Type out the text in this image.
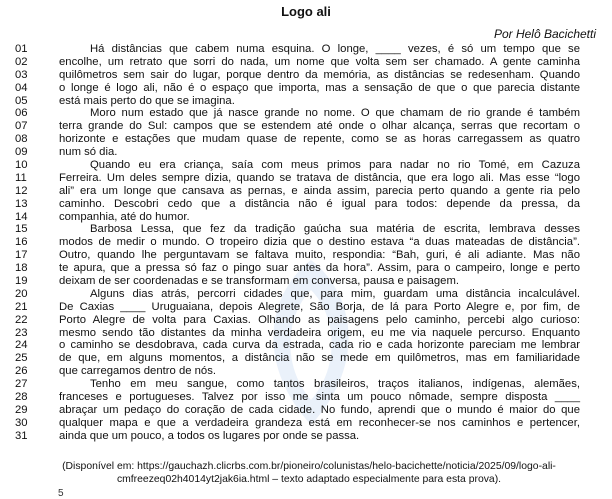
Logo ali
Por Helô Bacichetti
01	Há distâncias que cabem numa esquina. O longe, ____ vezes, é só um tempo que se
02	encolhe, um retrato que sorri do nada, um nome que volta sem ser chamado. A gente caminha
03	quilômetros sem sair do lugar, porque dentro da memória, as distâncias se redesenham. Quando
04	o longe é logo ali, não é o espaço que importa, mas a sensação de que o que parecia distante
05	está mais perto do que se imagina.
06	Moro num estado que já nasce grande no nome. O que chamam de rio grande é também
07	terra grande do Sul: campos que se estendem até onde o olhar alcança, serras que recortam o
08	horizonte e estações que mudam quase de repente, como se as horas carregassem as quatro
09	num só dia.
10	Quando eu era criança, saía com meus primos para nadar no rio Tomé, em Cazuza
11	Ferreira. Um deles sempre dizia, quando se tratava de distância, que era logo ali. Mas esse “logo
12	ali” era um longe que cansava as pernas, e ainda assim, parecia perto quando a gente ria pelo
13	caminho. Descobri cedo que a distância não é igual para todos: depende da pressa, da
14	companhia, até do humor.
15	Barbosa Lessa, que fez da tradição gaúcha sua matéria de escrita, lembrava desses
16	modos de medir o mundo. O tropeiro dizia que o destino estava “a duas mateadas de distância”.
17	Outro, quando lhe perguntavam se faltava muito, respondia: “Bah, guri, é ali adiante. Mas não
18	te apura, que a pressa só faz o pingo suar antes da hora”. Assim, para o campeiro, longe e perto
19	deixam de ser coordenadas e se transformam em conversa, pausa e paisagem.
20	Alguns dias atrás, percorri cidades que, para mim, guardam uma distância incalculável.
21	De Caxias ____ Uruguaiana, depois Alegrete, São Borja, de lá para Porto Alegre e, por fim, de
22	Porto Alegre de volta para Caxias. Olhando as paisagens pelo caminho, percebi algo curioso:
23	mesmo sendo tão distantes da minha verdadeira origem, eu me via naquele percurso. Enquanto
24	o caminho se desdobrava, cada curva da estrada, cada rio e cada horizonte pareciam me lembrar
25	de que, em alguns momentos, a distância não se mede em quilômetros, mas em familiaridade
26	que carregamos dentro de nós.
27	Tenho em meu sangue, como tantos brasileiros, traços italianos, indígenas, alemães,
28	franceses e portugueses. Talvez por isso me sinta um pouco nômade, sempre disposta ____
29	abraçar um pedaço do coração de cada cidade. No fundo, aprendi que o mundo é maior do que
30	qualquer mapa e que a verdadeira grandeza está em reconhecer-se nos caminhos e pertencer,
31	ainda que um pouco, a todos os lugares por onde se passa.
(Disponível em: https://gauchazh.clicrbs.com.br/pioneiro/colunistas/helo-bacichette/noticia/2025/09/logo-ali-
cmfreezeq02h4014yt2jak6ia.html – texto adaptado especialmente para esta prova).
5
